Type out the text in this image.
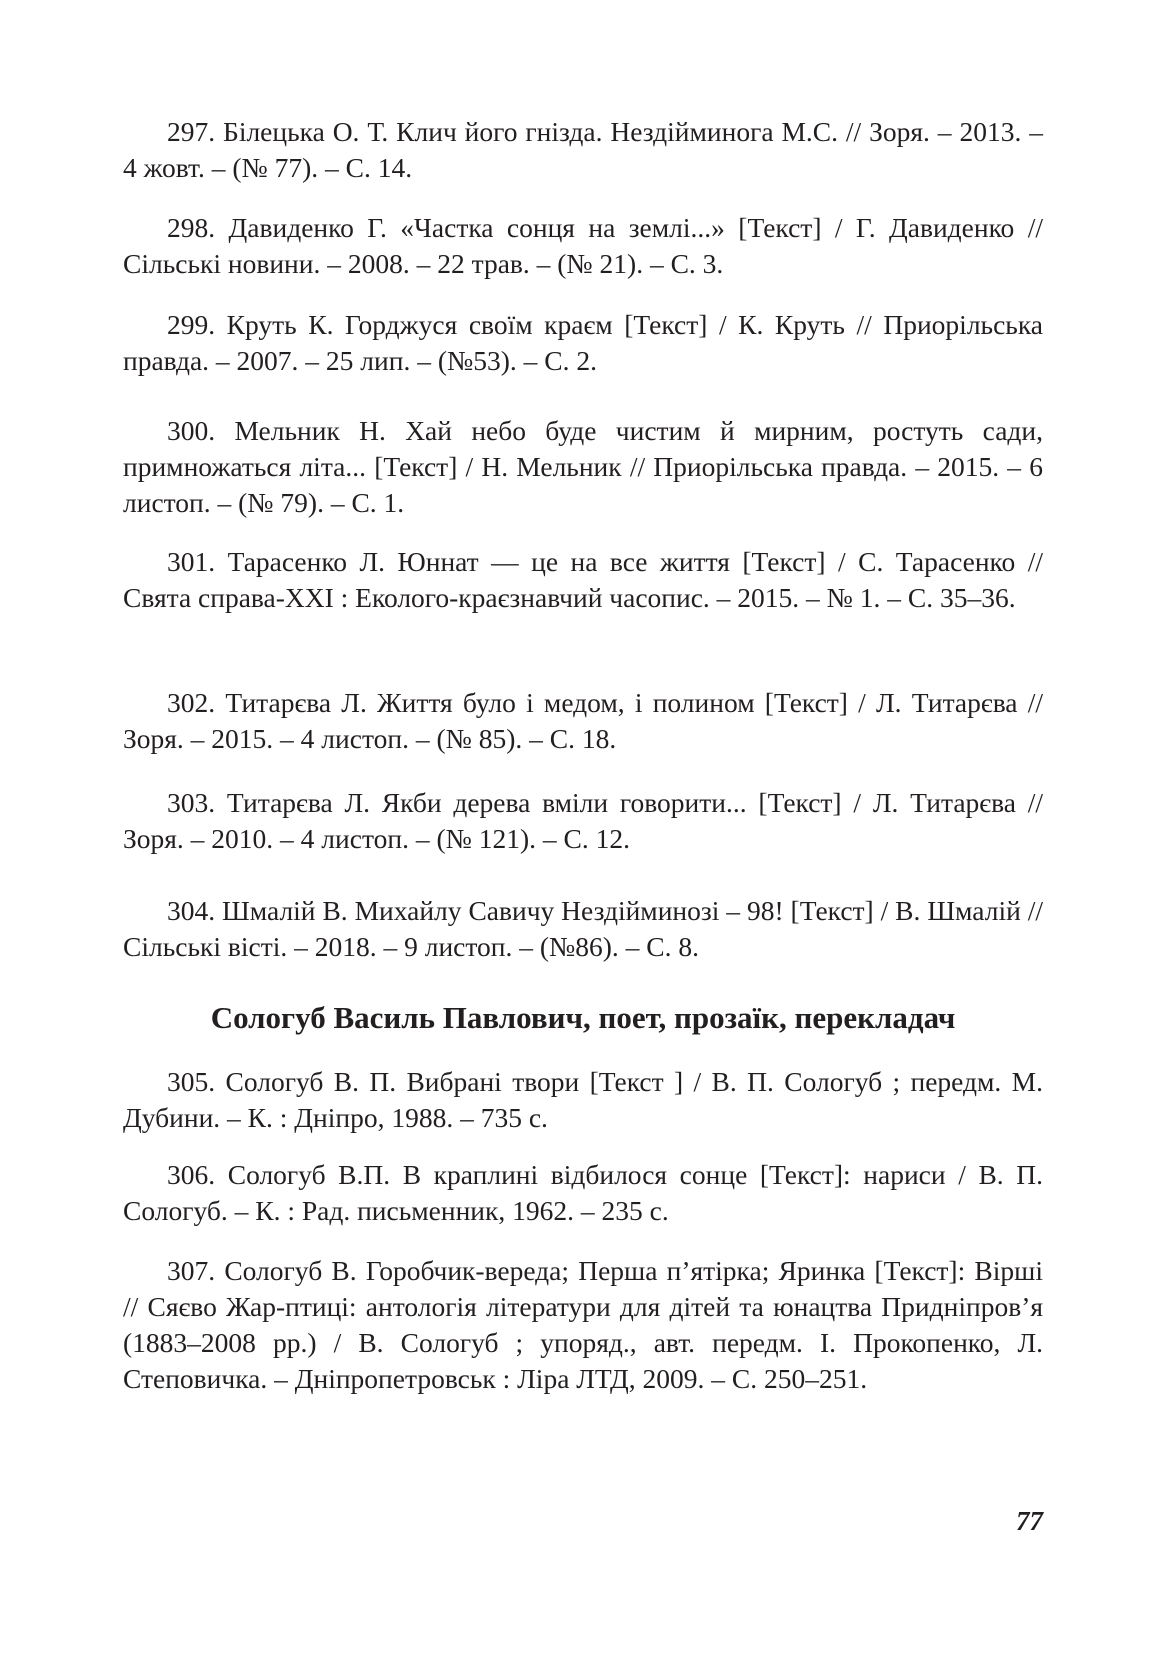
297. Білецька О. Т. Клич його гнізда. Нездійминога М.С. // Зоря. – 2013. – 4 жовт. – (№ 77). – С. 14.

298. Давиденко Г. «Частка сонця на землі...» [Текст] / Г. Давиденко // Сільські новини. – 2008. – 22 трав. – (№ 21). – С. 3.

299. Круть К. Горджуся своїм краєм [Текст] / К. Круть // Приорільська правда. – 2007. – 25 лип. – (№53). – С. 2.

300. Мельник Н. Хай небо буде чистим й мирним, ростуть сади, примножаться літа... [Текст] / Н. Мельник // Приорільська правда. – 2015. – 6 листоп. – (№ 79). – С. 1.

301. Тарасенко Л. Юннат — це на все життя [Текст] / С. Тарасенко // Свята справа-XXI : Еколого-краєзнавчий часопис. – 2015. – № 1. – С. 35–36.

302. Титарєва Л. Життя було і медом, і полином [Текст] / Л. Титарєва // Зоря. – 2015. – 4 листоп. – (№ 85). – С. 18.

303. Титарєва Л. Якби дерева вміли говорити... [Текст] / Л. Титарєва // Зоря. – 2010. – 4 листоп. – (№ 121). – С. 12.

304. Шмалій В. Михайлу Савичу Нездійминозі – 98! [Текст] / В. Шмалій // Сільські вісті. – 2018. – 9 листоп. – (№86). – С. 8.

Сологуб Василь Павлович, поет, прозаїк, перекладач

305. Сологуб В. П. Вибрані твори [Текст ] / В. П. Сологуб ; передм. М. Дубини. – К. : Дніпро, 1988. – 735 с.

306. Сологуб В.П. В краплині відбилося сонце [Текст]: нариси / В. П. Сологуб. – К. : Рад. письменник, 1962. – 235 с.

307. Сологуб В. Горобчик-вереда; Перша п’ятірка; Яринка [Текст]: Вірші // Сяєво Жар-птиці: антологія літератури для дітей та юнацтва Придніпров’я (1883–2008 рр.) / В. Сологуб ; упоряд., авт. передм. І. Прокопенко, Л. Степовичка. – Дніпропетровськ : Ліра ЛТД, 2009. – С. 250–251.

77
